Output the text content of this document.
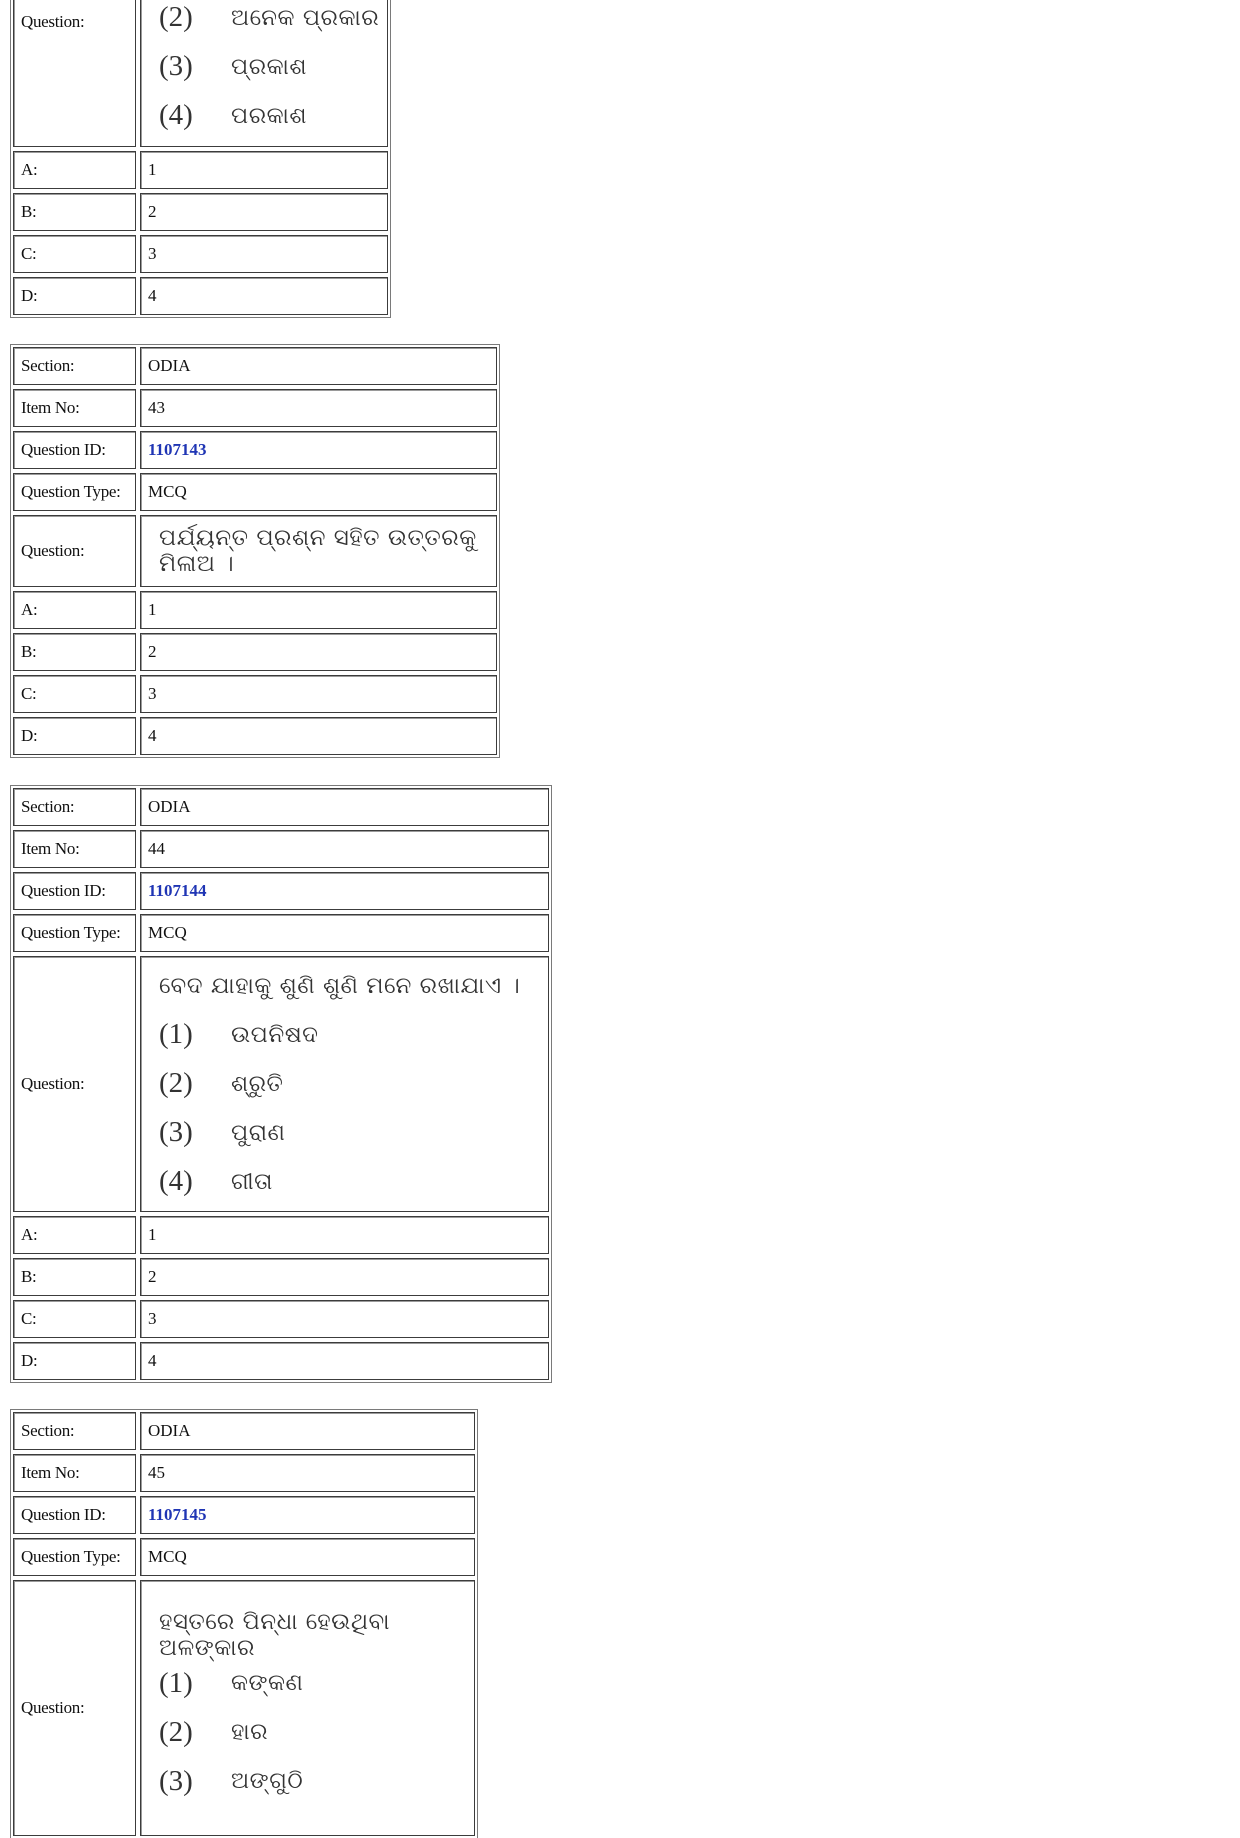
Question:	(2)	ଅନେକ ପ୍ରକାର
(3)	ପ୍ରକାଶ
(4)	ପରକାଶ
A:	1
B:	2
C:	3
D:	4
Section:	ODIA
Item No:	43
Question ID:	1107143
Question Type:	MCQ
Question:	ପର୍ଯ୍ୟନ୍ତ ପ୍ରଶ୍ନ ସହିତ ଉତ୍ତରକୁ ମିଳାଅ ।
A:	1
B:	2
C:	3
D:	4
Section:	ODIA
Item No:	44
Question ID:	1107144
Question Type:	MCQ
Question:
ବେଦ ଯାହାକୁ ଶୁଣି ଶୁଣି ମନେ ରଖାଯାଏ ।
(1)	ଉପନିଷଦ
(2)	ଶ୍ରୁତି
(3)	ପୁରାଣ
(4)	ଗୀତା
A:	1
B:	2
C:	3
D:	4
Section:	ODIA
Item No:	45
Question ID:	1107145
Question Type:	MCQ
Question:
ହସ୍ତରେ ପିନ୍ଧା ହେଉଥିବା ଅଳଙ୍କାର
(1)	କଙ୍କଣ
(2)	ହାର
(3)	ଅଙ୍ଗୁଠି
